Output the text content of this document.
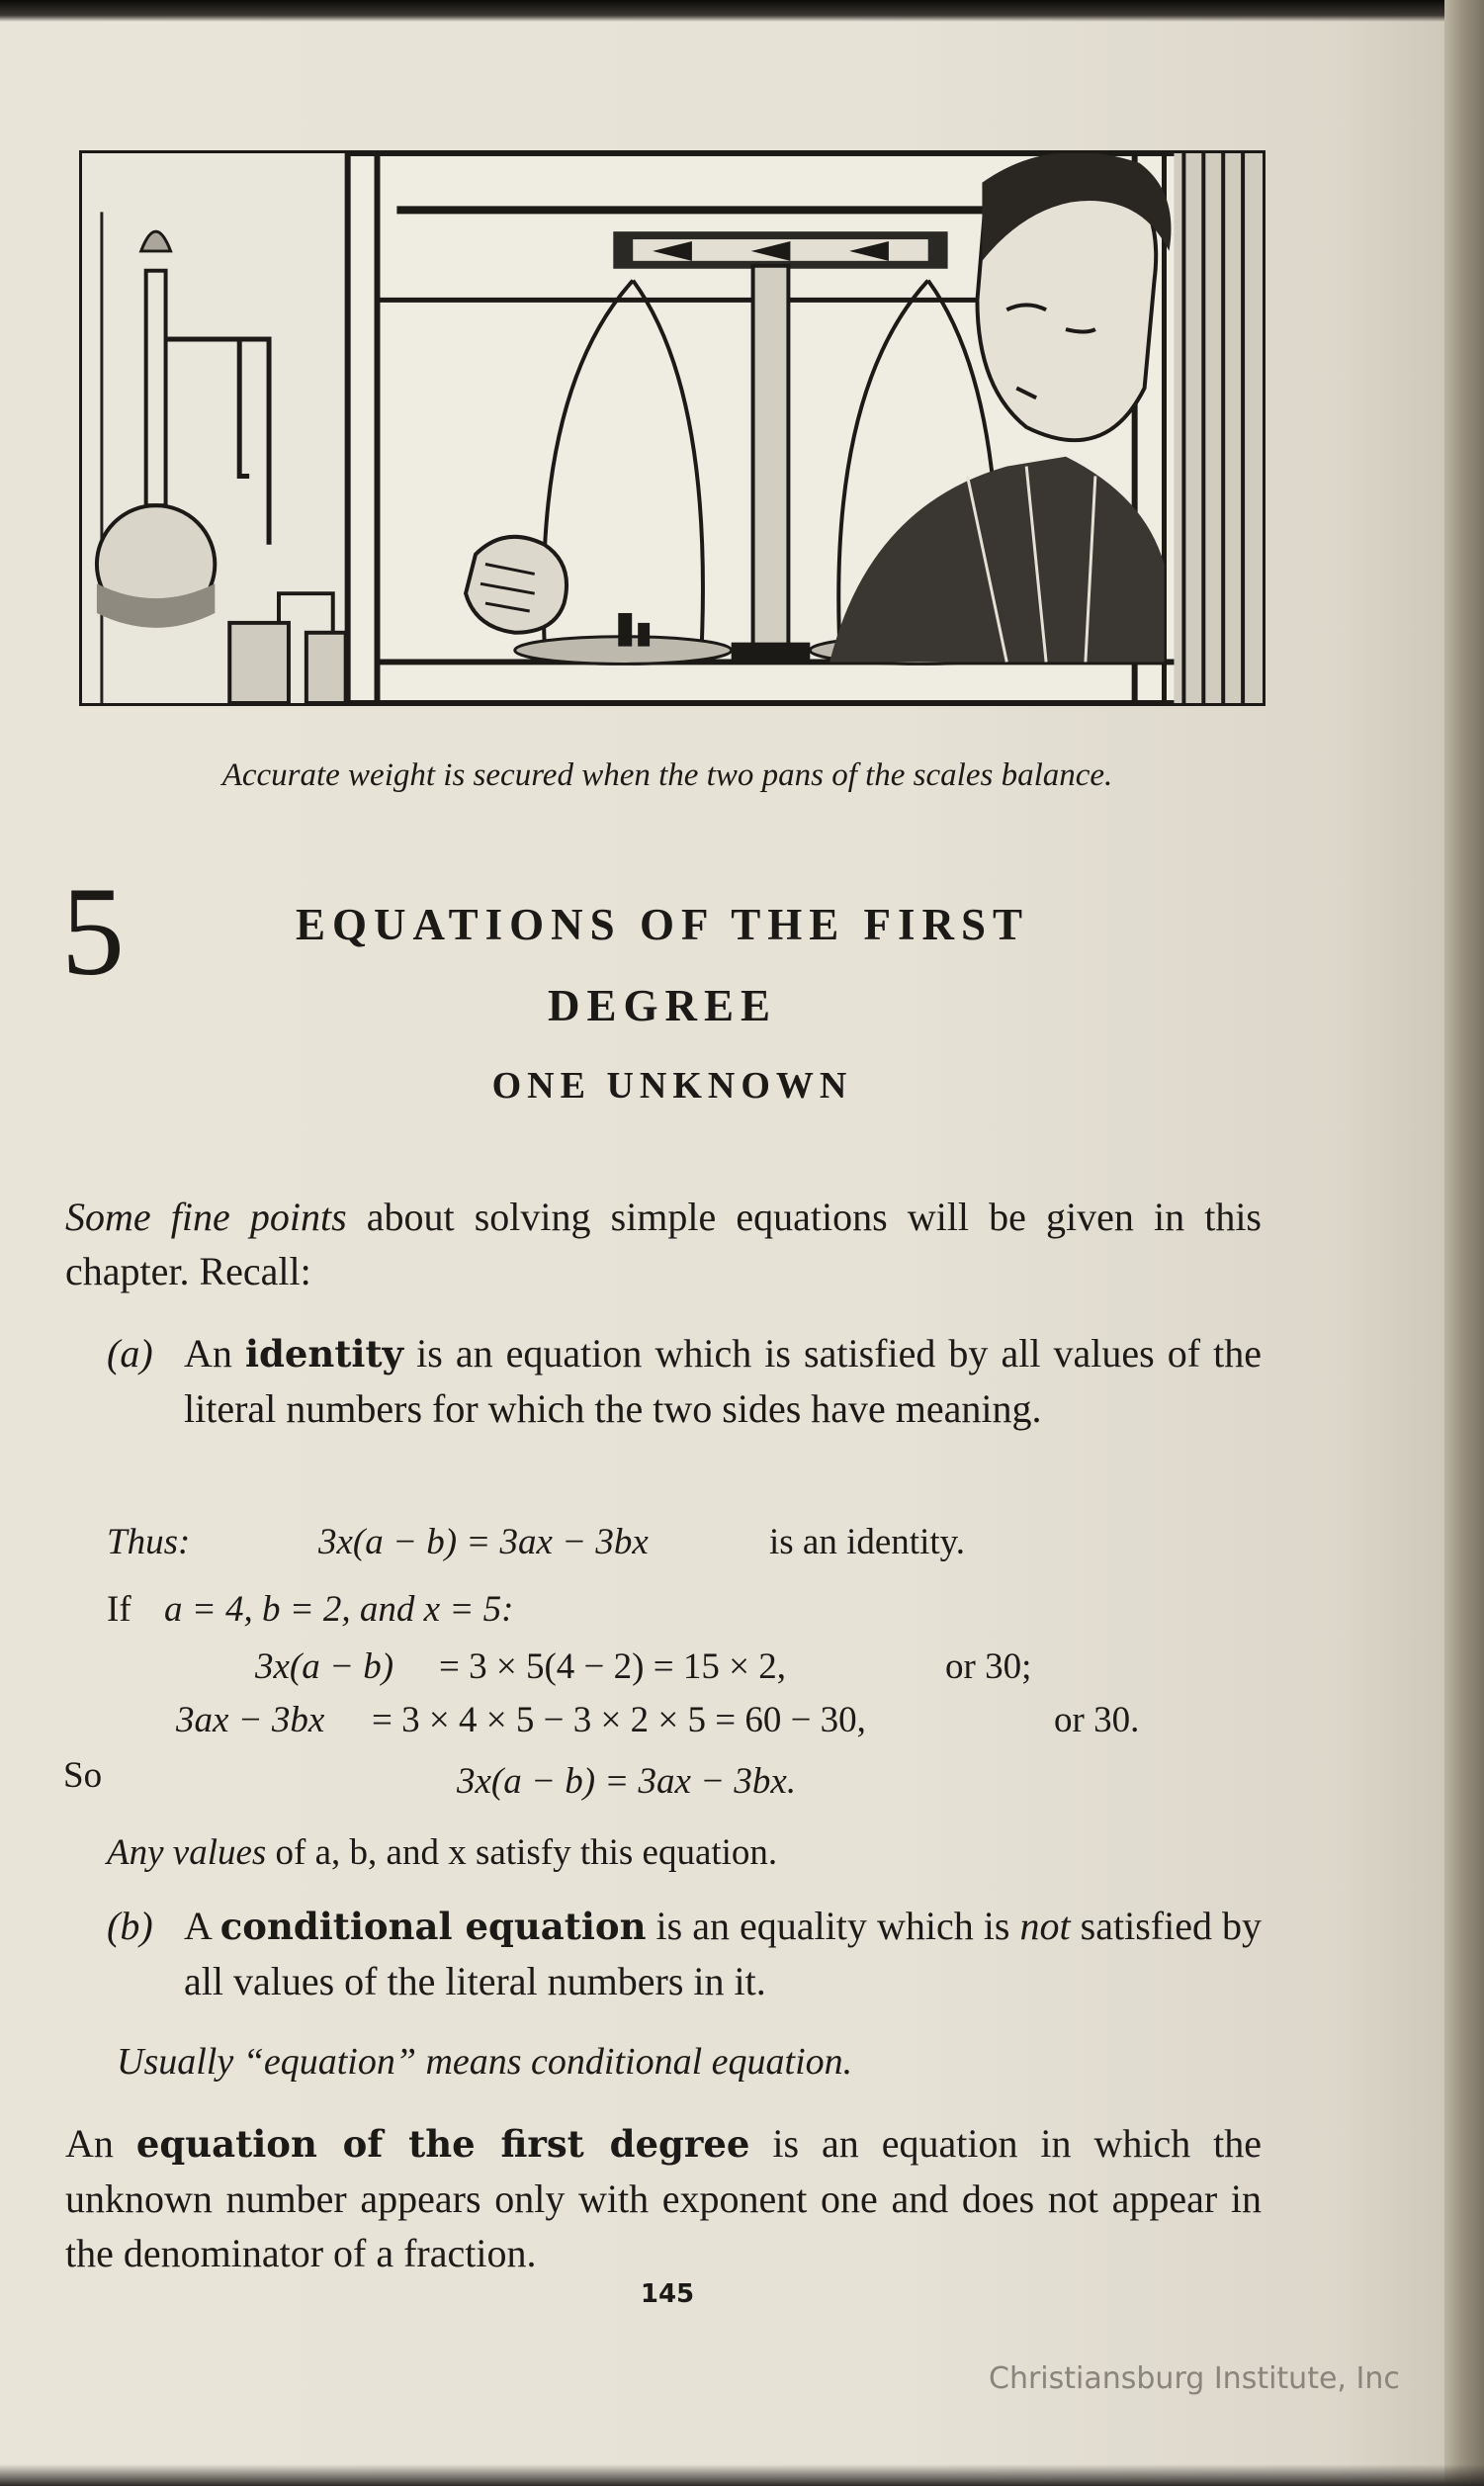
Accurate weight is secured when the two pans of the scales balance.
5	EQUATIONS OF THE FIRST
DEGREE
ONE UNKNOWN
Some fine points about solving simple equations will be given in this chapter. Recall:
(a) An identity is an equation which is satisfied by all values of the literal numbers for which the two sides have meaning.
Thus:	3x(a − b) = 3ax − 3bx	is an identity.
If a = 4, b = 2, and x = 5:
3x(a − b) = 3 × 5(4 − 2) = 15 × 2,	or 30;
3ax − 3bx = 3 × 4 × 5 − 3 × 2 × 5 = 60 − 30,	or 30.
So	3x(a − b) = 3ax − 3bx.
Any values of a, b, and x satisfy this equation.
(b) A conditional equation is an equality which is not satisfied by all values of the literal numbers in it.
Usually “equation” means conditional equation.
An equation of the first degree is an equation in which the unknown number appears only with exponent one and does not appear in the denominator of a fraction.
145
Christiansburg Institute, Inc
